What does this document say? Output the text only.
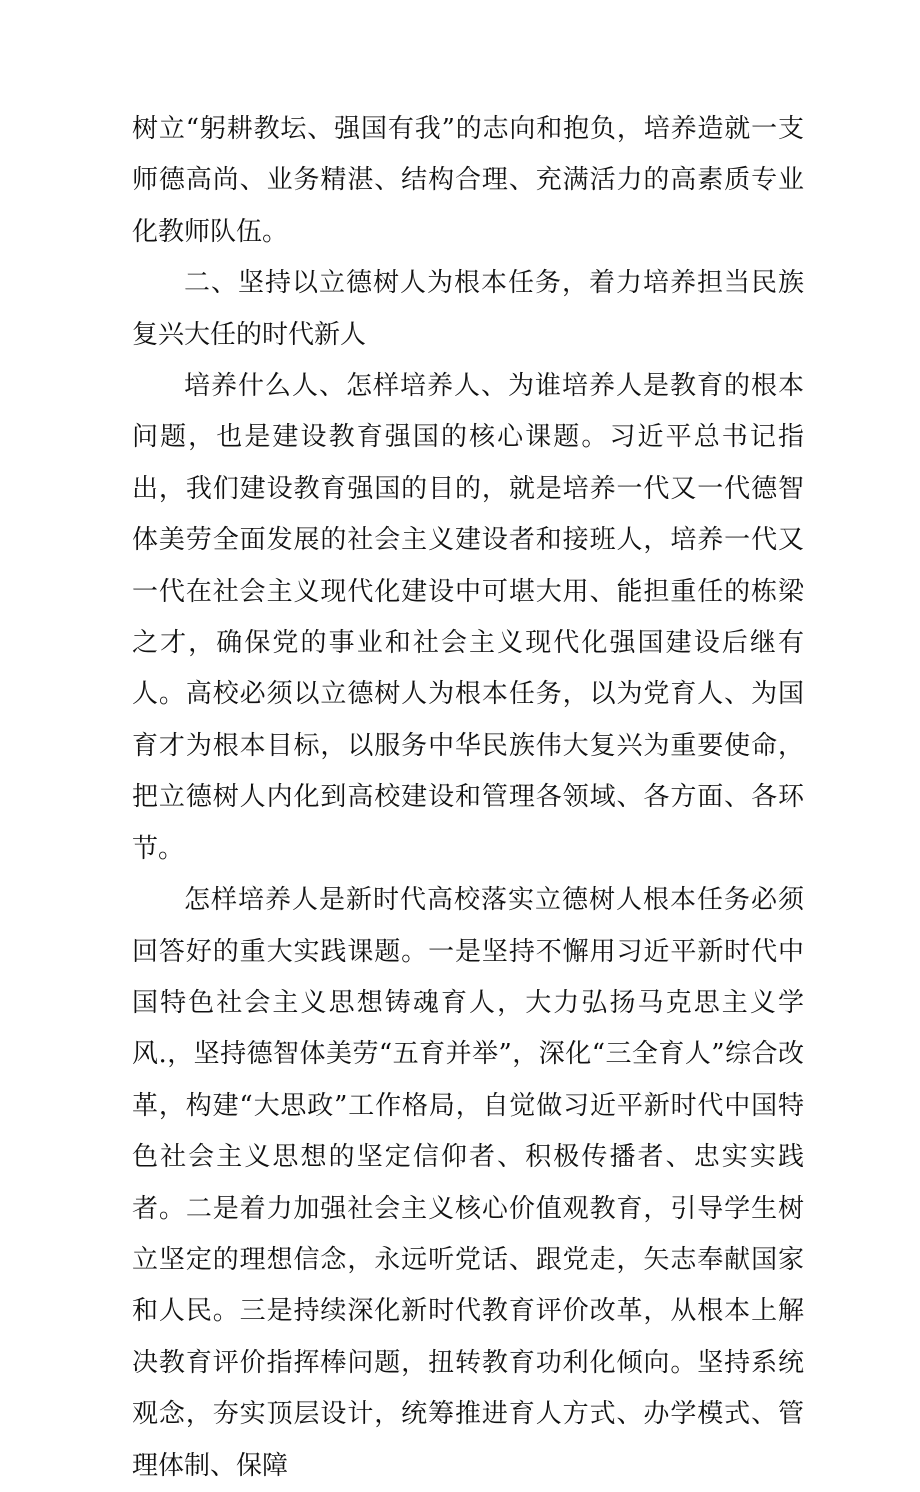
树立“躬耕教坛、强国有我”的志向和抱负，培养造就一支师德高尚、业务精湛、结构合理、充满活力的高素质专业化教师队伍。

二、坚持以立德树人为根本任务，着力培养担当民族复兴大任的时代新人

培养什么人、怎样培养人、为谁培养人是教育的根本问题，也是建设教育强国的核心课题。习近平总书记指出，我们建设教育强国的目的，就是培养一代又一代德智体美劳全面发展的社会主义建设者和接班人，培养一代又一代在社会主义现代化建设中可堪大用、能担重任的栋梁之才，确保党的事业和社会主义现代化强国建设后继有人。高校必须以立德树人为根本任务，以为党育人、为国育才为根本目标，以服务中华民族伟大复兴为重要使命，把立德树人内化到高校建设和管理各领域、各方面、各环节。

怎样培养人是新时代高校落实立德树人根本任务必须回答好的重大实践课题。一是坚持不懈用习近平新时代中国特色社会主义思想铸魂育人，大力弘扬马克思主义学风.，坚持德智体美劳“五育并举”，深化“三全育人”综合改革，构建“大思政”工作格局，自觉做习近平新时代中国特色社会主义思想的坚定信仰者、积极传播者、忠实实践者。二是着力加强社会主义核心价值观教育，引导学生树立坚定的理想信念，永远听党话、跟党走，矢志奉献国家和人民。三是持续深化新时代教育评价改革，从根本上解决教育评价指挥棒问题，扭转教育功利化倾向。坚持系统观念，夯实顶层设计，统筹推进育人方式、办学模式、管理体制、保障
